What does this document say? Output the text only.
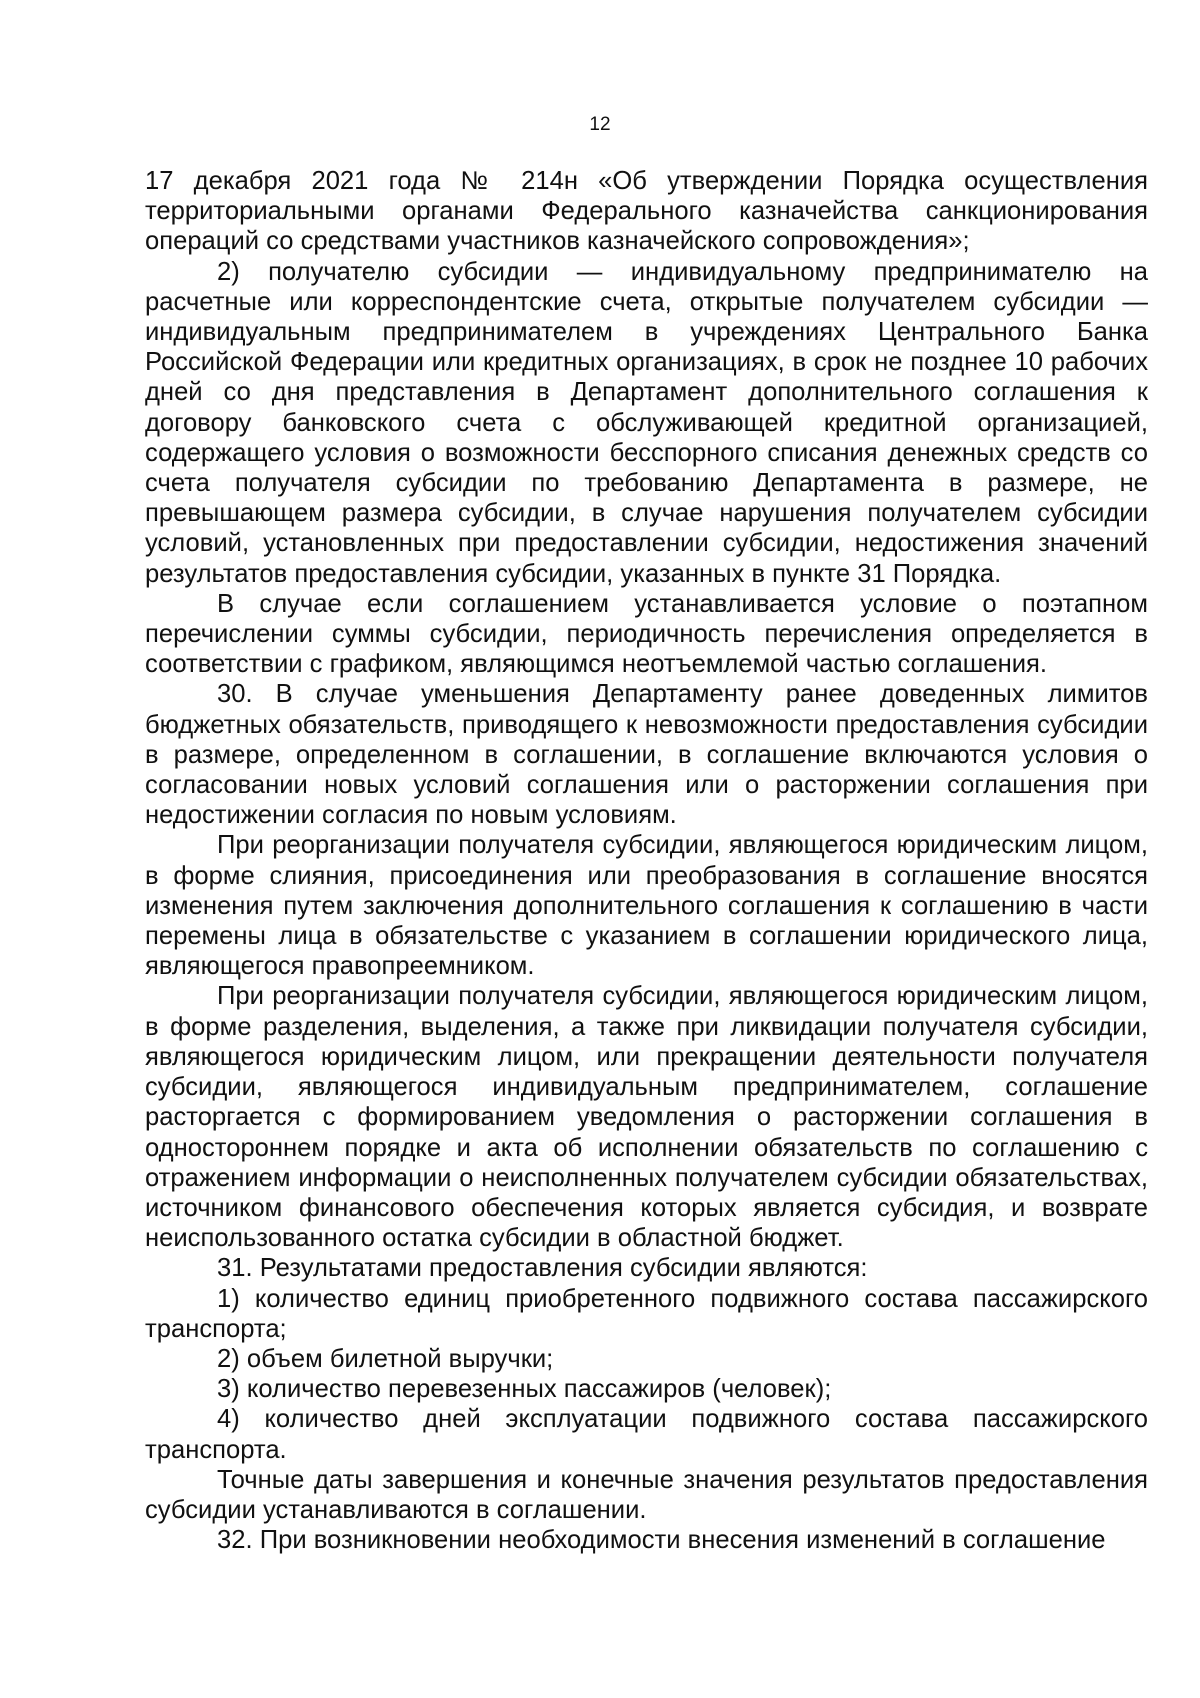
12

17 декабря 2021 года № 214н «Об утверждении Порядка осуществления территориальными органами Федерального казначейства санкционирования операций со средствами участников казначейского сопровождения»;

2) получателю субсидии — индивидуальному предпринимателю на расчетные или корреспондентские счета, открытые получателем субсидии — индивидуальным предпринимателем в учреждениях Центрального Банка Российской Федерации или кредитных организациях, в срок не позднее 10 рабочих дней со дня представления в Департамент дополнительного соглашения к договору банковского счета с обслуживающей кредитной организацией, содержащего условия о возможности бесспорного списания денежных средств со счета получателя субсидии по требованию Департамента в размере, не превышающем размера субсидии, в случае нарушения получателем субсидии условий, установленных при предоставлении субсидии, недостижения значений результатов предоставления субсидии, указанных в пункте 31 Порядка.

В случае если соглашением устанавливается условие о поэтапном перечислении суммы субсидии, периодичность перечисления определяется в соответствии с графиком, являющимся неотъемлемой частью соглашения.

30. В случае уменьшения Департаменту ранее доведенных лимитов бюджетных обязательств, приводящего к невозможности предоставления субсидии в размере, определенном в соглашении, в соглашение включаются условия о согласовании новых условий соглашения или о расторжении соглашения при недостижении согласия по новым условиям.

При реорганизации получателя субсидии, являющегося юридическим лицом, в форме слияния, присоединения или преобразования в соглашение вносятся изменения путем заключения дополнительного соглашения к соглашению в части перемены лица в обязательстве с указанием в соглашении юридического лица, являющегося правопреемником.

При реорганизации получателя субсидии, являющегося юридическим лицом, в форме разделения, выделения, а также при ликвидации получателя субсидии, являющегося юридическим лицом, или прекращении деятельности получателя субсидии, являющегося индивидуальным предпринимателем, соглашение расторгается с формированием уведомления о расторжении соглашения в одностороннем порядке и акта об исполнении обязательств по соглашению с отражением информации о неисполненных получателем субсидии обязательствах, источником финансового обеспечения которых является субсидия, и возврате неиспользованного остатка субсидии в областной бюджет.

31. Результатами предоставления субсидии являются:

1) количество единиц приобретенного подвижного состава пассажирского транспорта;

2) объем билетной выручки;

3) количество перевезенных пассажиров (человек);

4) количество дней эксплуатации подвижного состава пассажирского транспорта.

Точные даты завершения и конечные значения результатов предоставления субсидии устанавливаются в соглашении.

32. При возникновении необходимости внесения изменений в соглашение
